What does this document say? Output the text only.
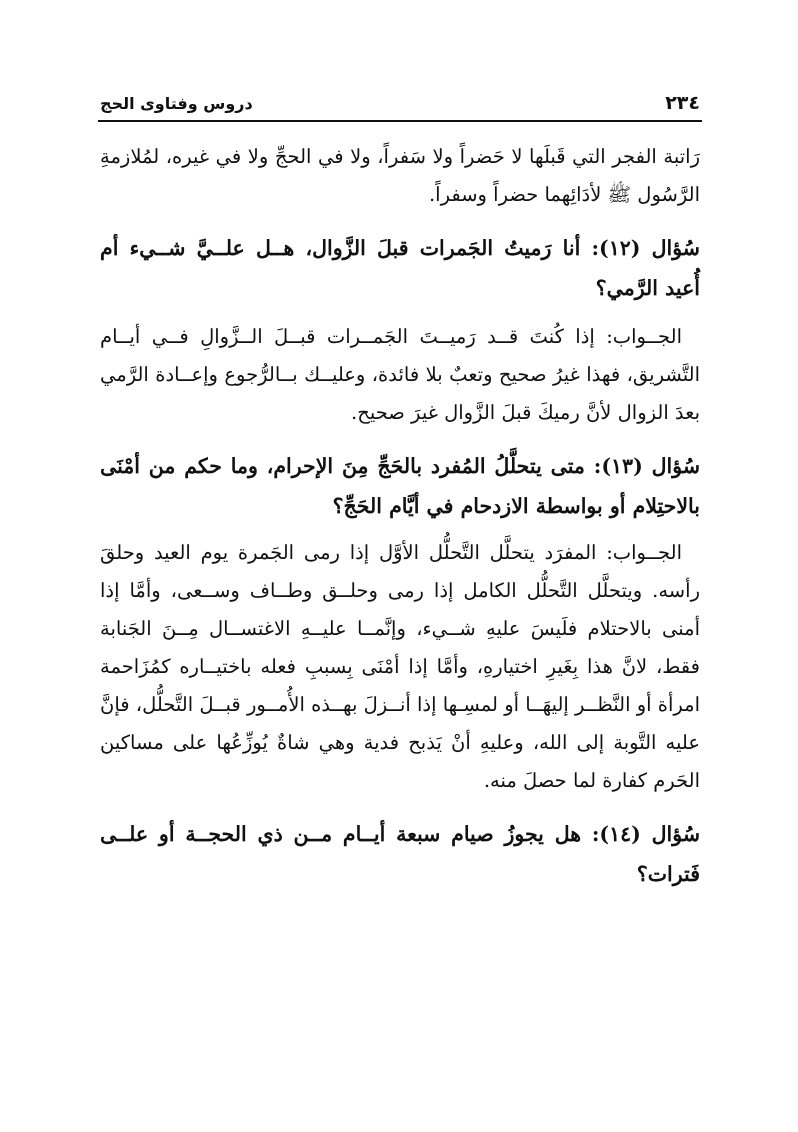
٢٣٤
دروس وفتاوى الحج

رَاتبة الفجر التي قَبلَها لا حَضراً ولا سَفراً، ولا في الحجِّ ولا في غيره، لمُلازمةِ الرَّسُول ﷺ لأدَائِهما حضراً وسفراً.

سُؤال (١٢): أنا رَميتُ الجَمرات قبلَ الزَّوال، هــل علــيَّ شــيء أم أُعيد الرَّمي؟

الجــواب: إذا كُنتَ قــد رَميــتَ الجَمــرات قبــلَ الــزَّوالِ فــي أيــام التَّشريق، فهذا غيرُ صحيح وتعبٌ بلا فائدة، وعليــك بــالرُّجوع وإعــادة الرَّمي بعدَ الزوال لأنَّ رميكَ قبلَ الزَّوال غيرَ صحيح.

سُؤال (١٣): متى يتحلَّلُ المُفرد بالحَجِّ مِنَ الإحرام، وما حكم من أمْنَى بالاحتِلام أو بواسطة الازدحام في أيَّام الحَجِّ؟

الجــواب: المفرَد يتحلَّل التَّحلُّل الأوَّل إذا رمى الجَمرة يوم العيد وحلقَ رأسه. ويتحلَّل التَّحلُّل الكامل إذا رمى وحلــق وطــاف وســعى، وأمَّا إذا أمنى بالاحتلام فلَيسَ عليهِ شــيء، وإنَّمــا عليــهِ الاغتســال مِــنَ الجَنابة فقط، لانَّ هذا بِغَيرِ اختيارهِ، وأمَّا إذا أمْنَى بِسببِ فعله باختيــاره كمُزَاحمة امرأة أو النَّظــر إليهَــا أو لمسِـها إذا أنــزلَ بهــذه الأُمــور قبــلَ التَّحلُّل، فإنَّ عليه التَّوبة إلى الله، وعليهِ أنْ يَذبح فدية وهي شاةٌ يُوزِّعُها على مساكين الحَرم كفارة لما حصلَ منه.

سُؤال (١٤): هل يجوزُ صيام سبعة أيــام مــن ذي الحجــة أو علــى فَترات؟
